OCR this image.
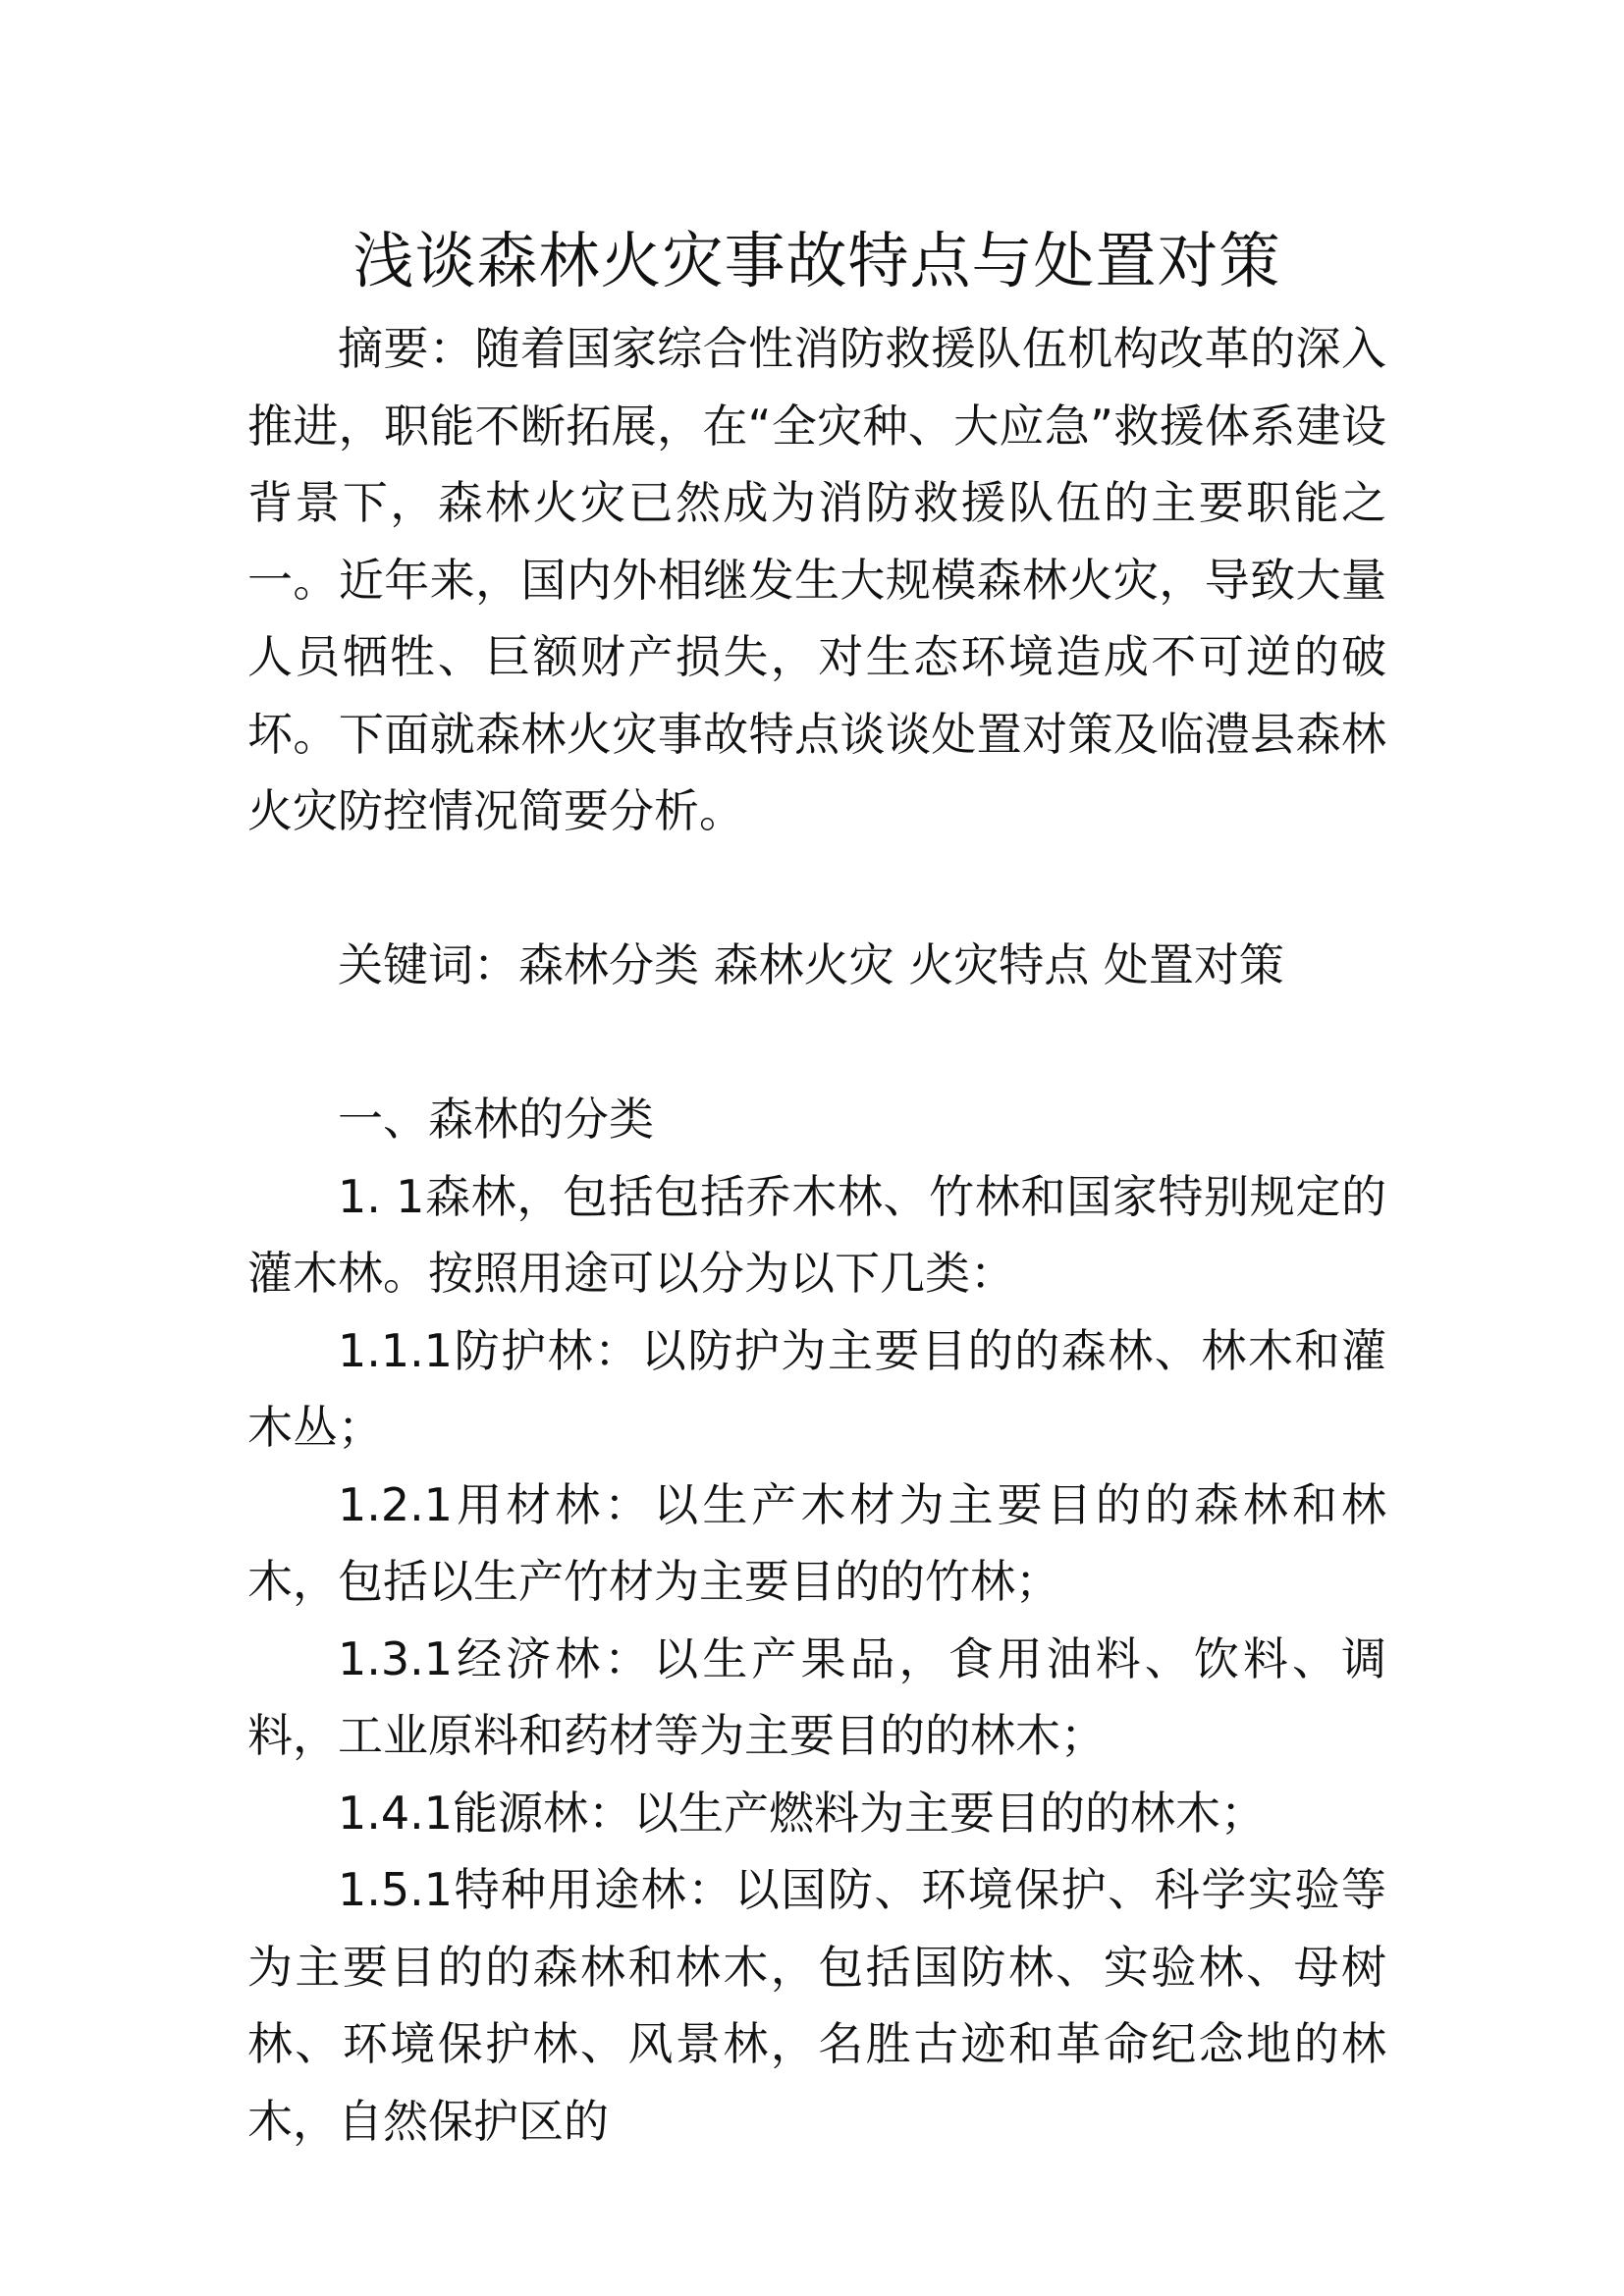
浅谈森林火灾事故特点与处置对策

摘要：随着国家综合性消防救援队伍机构改革的深入推进，职能不断拓展，在“全灾种、大应急”救援体系建设背景下，森林火灾已然成为消防救援队伍的主要职能之一。近年来，国内外相继发生大规模森林火灾，导致大量人员牺牲、巨额财产损失，对生态环境造成不可逆的破坏。下面就森林火灾事故特点谈谈处置对策及临澧县森林火灾防控情况简要分析。

关键词：森林分类 森林火灾 火灾特点 处置对策

一、森林的分类

1. 1森林，包括包括乔木林、竹林和国家特别规定的灌木林。按照用途可以分为以下几类：

1.1.1防护林：以防护为主要目的的森林、林木和灌木丛；

1.2.1用材林：以生产木材为主要目的的森林和林木，包括以生产竹材为主要目的的竹林；

1.3.1经济林：以生产果品，食用油料、饮料、调料，工业原料和药材等为主要目的的林木；

1.4.1能源林：以生产燃料为主要目的的林木；

1.5.1特种用途林：以国防、环境保护、科学实验等为主要目的的森林和林木，包括国防林、实验林、母树林、环境保护林、风景林，名胜古迹和革命纪念地的林木，自然保护区的
